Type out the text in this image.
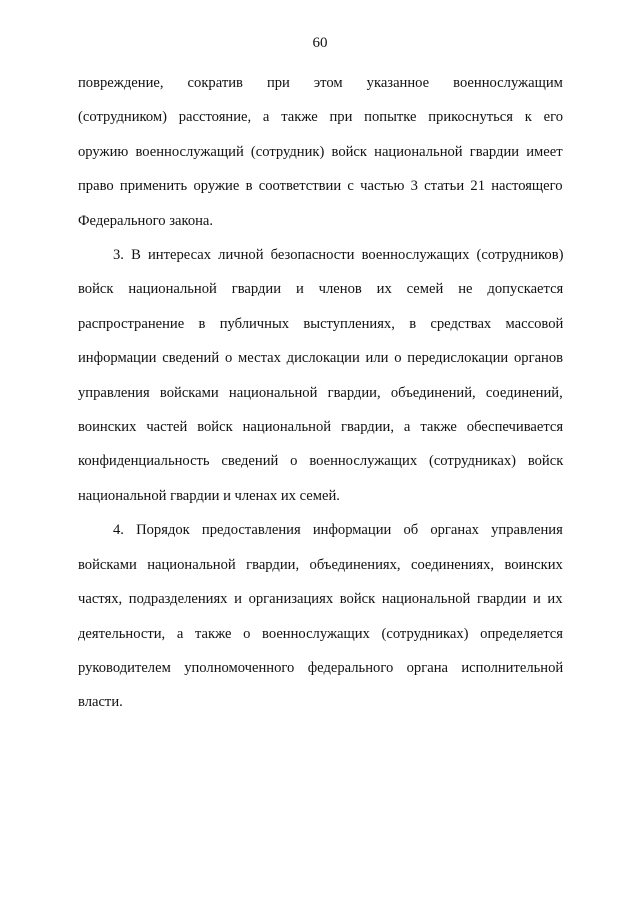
60
повреждение, сократив при этом указанное военнослужащим
(сотрудником) расстояние, а также при попытке прикоснуться к его
оружию военнослужащий (сотрудник) войск национальной гвардии имеет
право применить оружие в соответствии с частью 3 статьи 21 настоящего
Федерального закона.
3. В интересах личной безопасности военнослужащих (сотрудников)
войск национальной гвардии и членов их семей не допускается
распространение в публичных выступлениях, в средствах массовой
информации сведений о местах дислокации или о передислокации органов
управления войсками национальной гвардии, объединений, соединений,
воинских частей войск национальной гвардии, а также обеспечивается
конфиденциальность сведений о военнослужащих (сотрудниках) войск
национальной гвардии и членах их семей.
4. Порядок предоставления информации об органах управления
войсками национальной гвардии, объединениях, соединениях, воинских
частях, подразделениях и организациях войск национальной гвардии и их
деятельности, а также о военнослужащих (сотрудниках) определяется
руководителем уполномоченного федерального органа исполнительной
власти.
